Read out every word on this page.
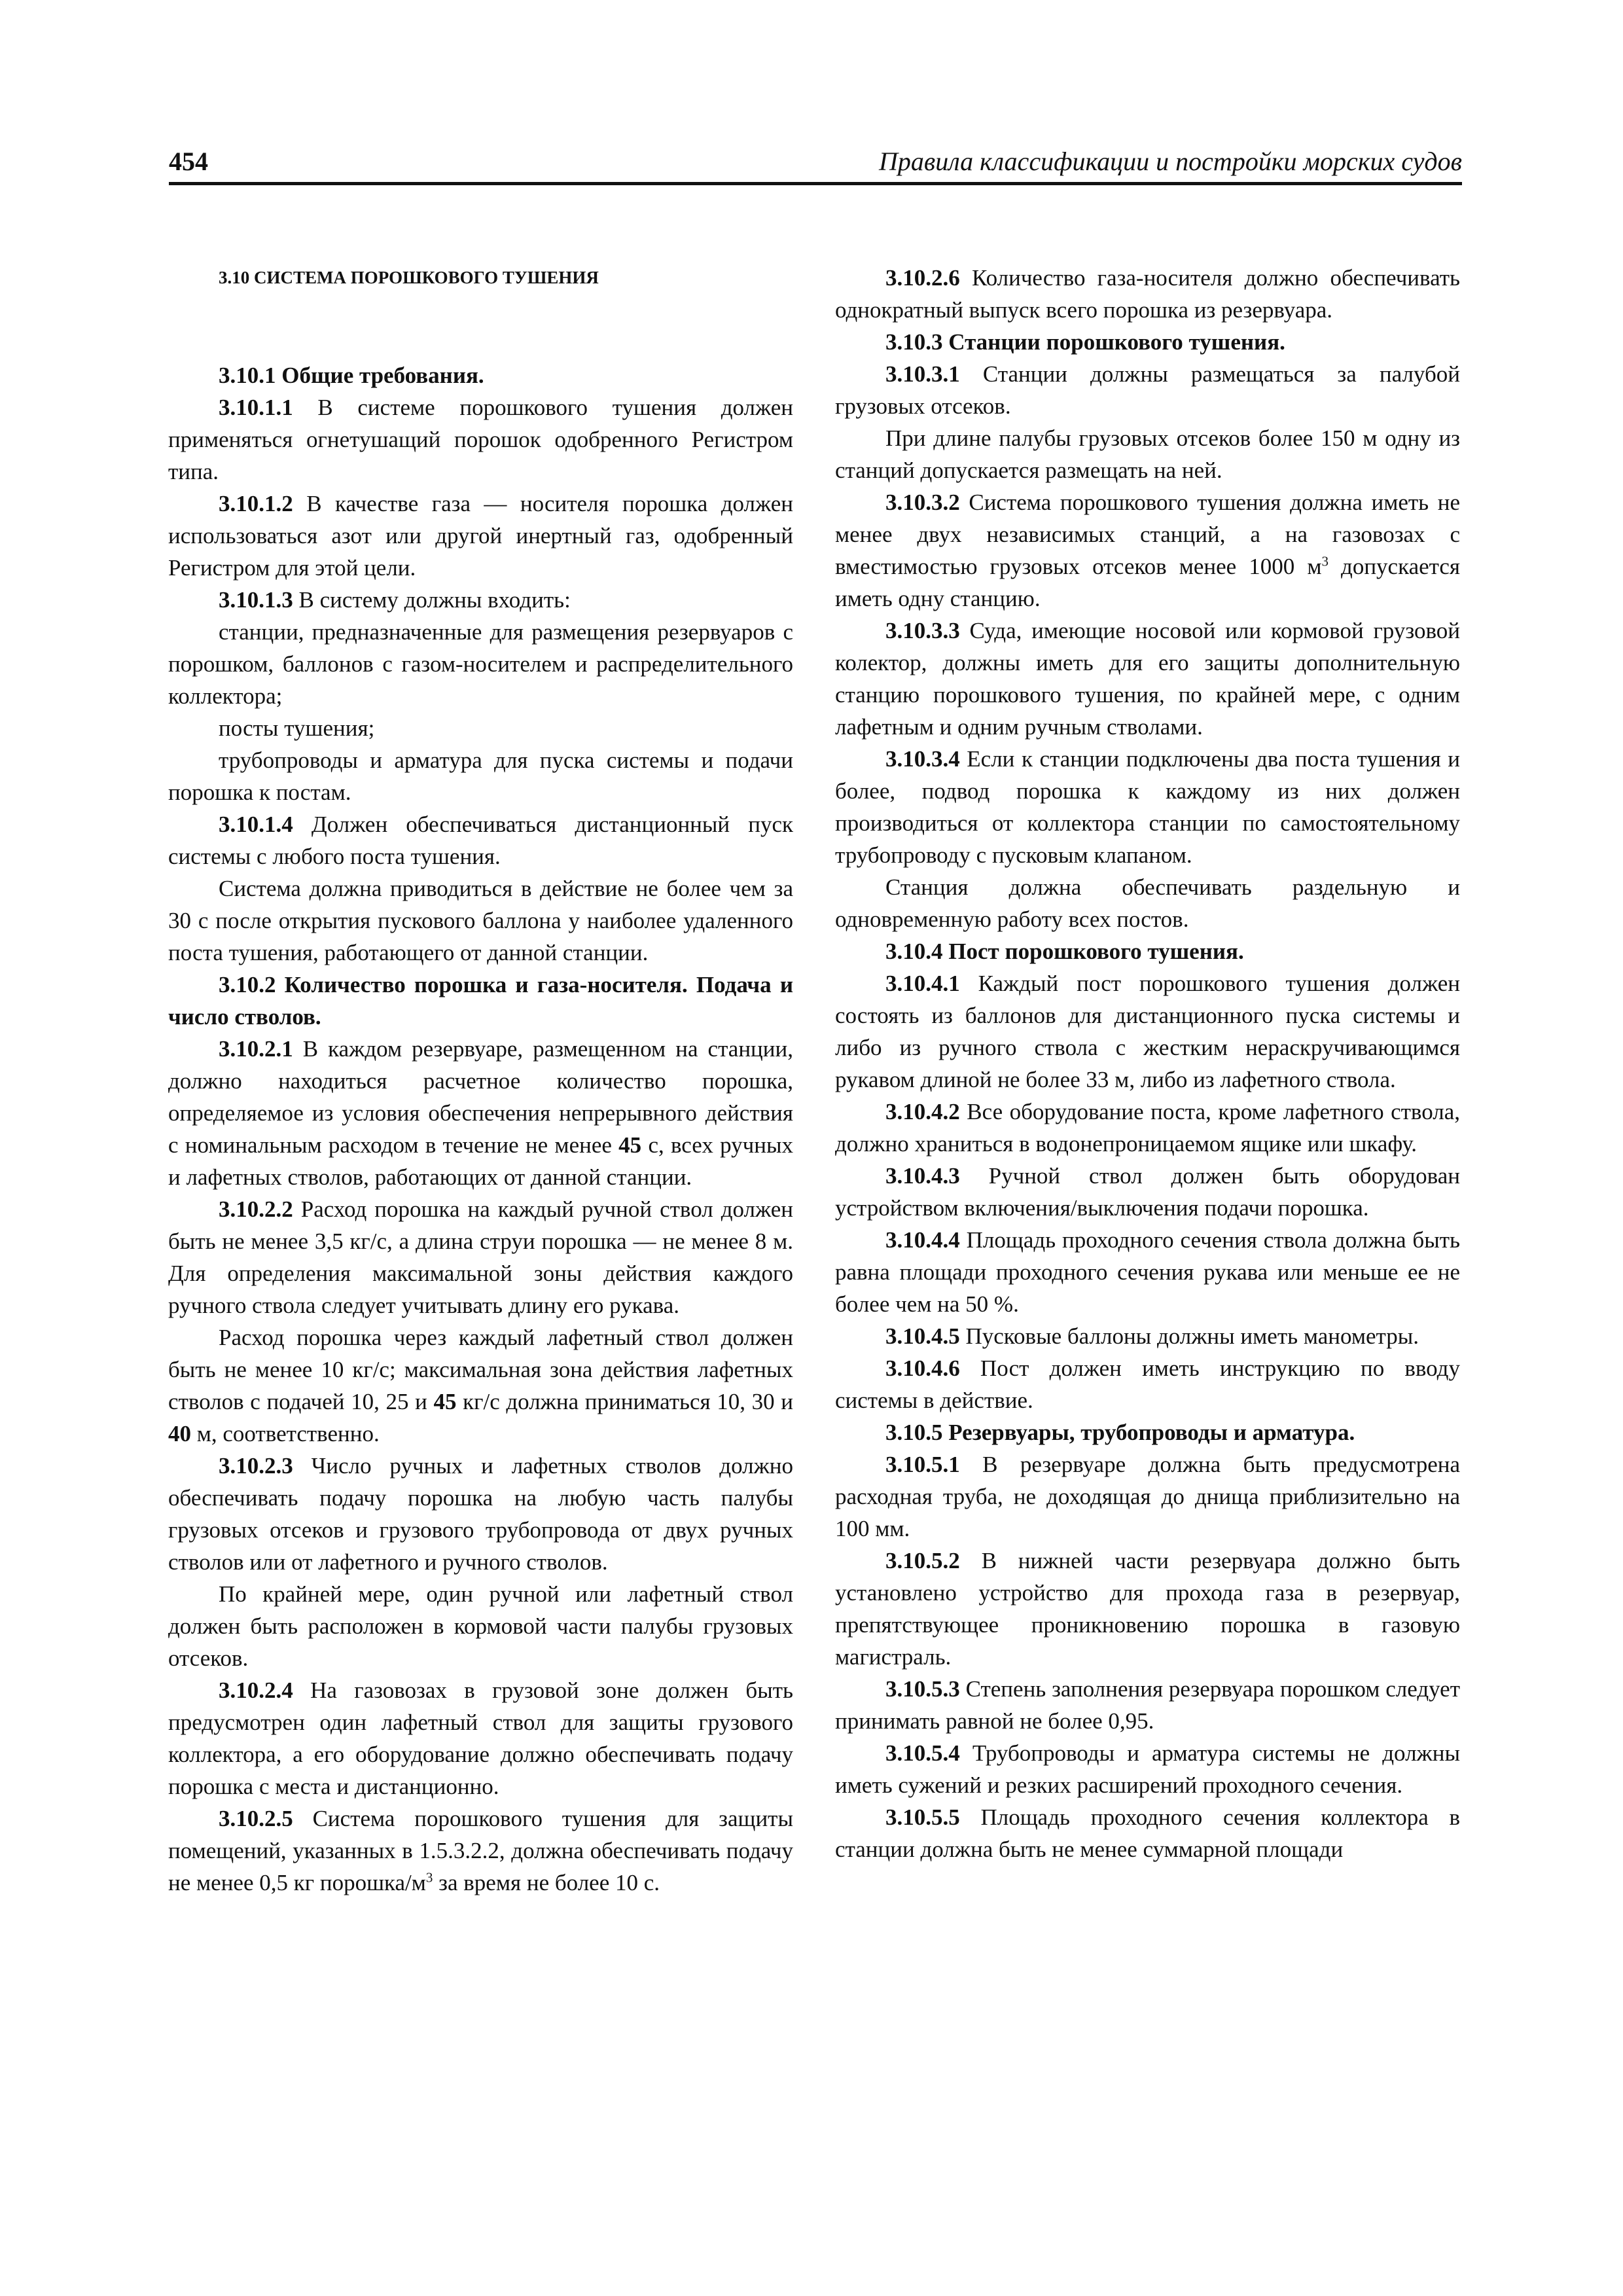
454	Правила классификации и постройки морских судов

3.10 СИСТЕМА ПОРОШКОВОГО ТУШЕНИЯ

3.10.1 Общие требования.

3.10.1.1 В системе порошкового тушения должен применяться огнетушащий порошок одобренного Регистром типа.

3.10.1.2 В качестве газа — носителя порошка должен использоваться азот или другой инертный газ, одобренный Регистром для этой цели.

3.10.1.3 В систему должны входить:

станции, предназначенные для размещения резервуаров с порошком, баллонов с газом-носителем и распределительного коллектора;

посты тушения;

трубопроводы и арматура для пуска системы и подачи порошка к постам.

3.10.1.4 Должен обеспечиваться дистанционный пуск системы с любого поста тушения.

Система должна приводиться в действие не более чем за 30 с после открытия пускового баллона у наиболее удаленного поста тушения, работающего от данной станции.

3.10.2 Количество порошка и газа-носителя. Подача и число стволов.

3.10.2.1 В каждом резервуаре, размещенном на станции, должно находиться расчетное количество порошка, определяемое из условия обеспечения непрерывного действия с номинальным расходом в течение не менее 45 с, всех ручных и лафетных стволов, работающих от данной станции.

3.10.2.2 Расход порошка на каждый ручной ствол должен быть не менее 3,5 кг/с, а длина струи порошка — не менее 8 м. Для определения максимальной зоны действия каждого ручного ствола следует учитывать длину его рукава.

Расход порошка через каждый лафетный ствол должен быть не менее 10 кг/с; максимальная зона действия лафетных стволов с подачей 10, 25 и 45 кг/с должна приниматься 10, 30 и 40 м, соответственно.

3.10.2.3 Число ручных и лафетных стволов должно обеспечивать подачу порошка на любую часть палубы грузовых отсеков и грузового трубопровода от двух ручных стволов или от лафетного и ручного стволов.

По крайней мере, один ручной или лафетный ствол должен быть расположен в кормовой части палубы грузовых отсеков.

3.10.2.4 На газовозах в грузовой зоне должен быть предусмотрен один лафетный ствол для защиты грузового коллектора, а его оборудование должно обеспечивать подачу порошка с места и дистанционно.

3.10.2.5 Система порошкового тушения для защиты помещений, указанных в 1.5.3.2.2, должна обеспечивать подачу не менее 0,5 кг порошка/$м^3$ за время не более 10 с.

3.10.2.6 Количество газа-носителя должно обеспечивать однократный выпуск всего порошка из резервуара.

3.10.3 Станции порошкового тушения.

3.10.3.1 Станции должны размещаться за палубой грузовых отсеков.

При длине палубы грузовых отсеков более 150 м одну из станций допускается размещать на ней.

3.10.3.2 Система порошкового тушения должна иметь не менее двух независимых станций, а на газовозах с вместимостью грузовых отсеков менее 1000 $м^3$ допускается иметь одну станцию.

3.10.3.3 Суда, имеющие носовой или кормовой грузовой колектор, должны иметь для его защиты дополнительную станцию порошкового тушения, по крайней мере, с одним лафетным и одним ручным стволами.

3.10.3.4 Если к станции подключены два поста тушения и более, подвод порошка к каждому из них должен производиться от коллектора станции по самостоятельному трубопроводу с пусковым клапаном.

Станция должна обеспечивать раздельную и одновременную работу всех постов.

3.10.4 Пост порошкового тушения.

3.10.4.1 Каждый пост порошкового тушения должен состоять из баллонов для дистанционного пуска системы и либо из ручного ствола с жестким нераскручивающимся рукавом длиной не более 33 м, либо из лафетного ствола.

3.10.4.2 Все оборудование поста, кроме лафетного ствола, должно храниться в водонепроницаемом ящике или шкафу.

3.10.4.3 Ручной ствол должен быть оборудован устройством включения/выключения подачи порошка.

3.10.4.4 Площадь проходного сечения ствола должна быть равна площади проходного сечения рукава или меньше ее не более чем на 50 %.

3.10.4.5 Пусковые баллоны должны иметь манометры.

3.10.4.6 Пост должен иметь инструкцию по вводу системы в действие.

3.10.5 Резервуары, трубопроводы и арматура.

3.10.5.1 В резервуаре должна быть предусмотрена расходная труба, не доходящая до днища приблизительно на 100 мм.

3.10.5.2 В нижней части резервуара должно быть установлено устройство для прохода газа в резервуар, препятствующее проникновению порошка в газовую магистраль.

3.10.5.3 Степень заполнения резервуара порошком следует принимать равной не более 0,95.

3.10.5.4 Трубопроводы и арматура системы не должны иметь сужений и резких расширений проходного сечения.

3.10.5.5 Площадь проходного сечения коллектора в станции должна быть не менее суммарной площади
